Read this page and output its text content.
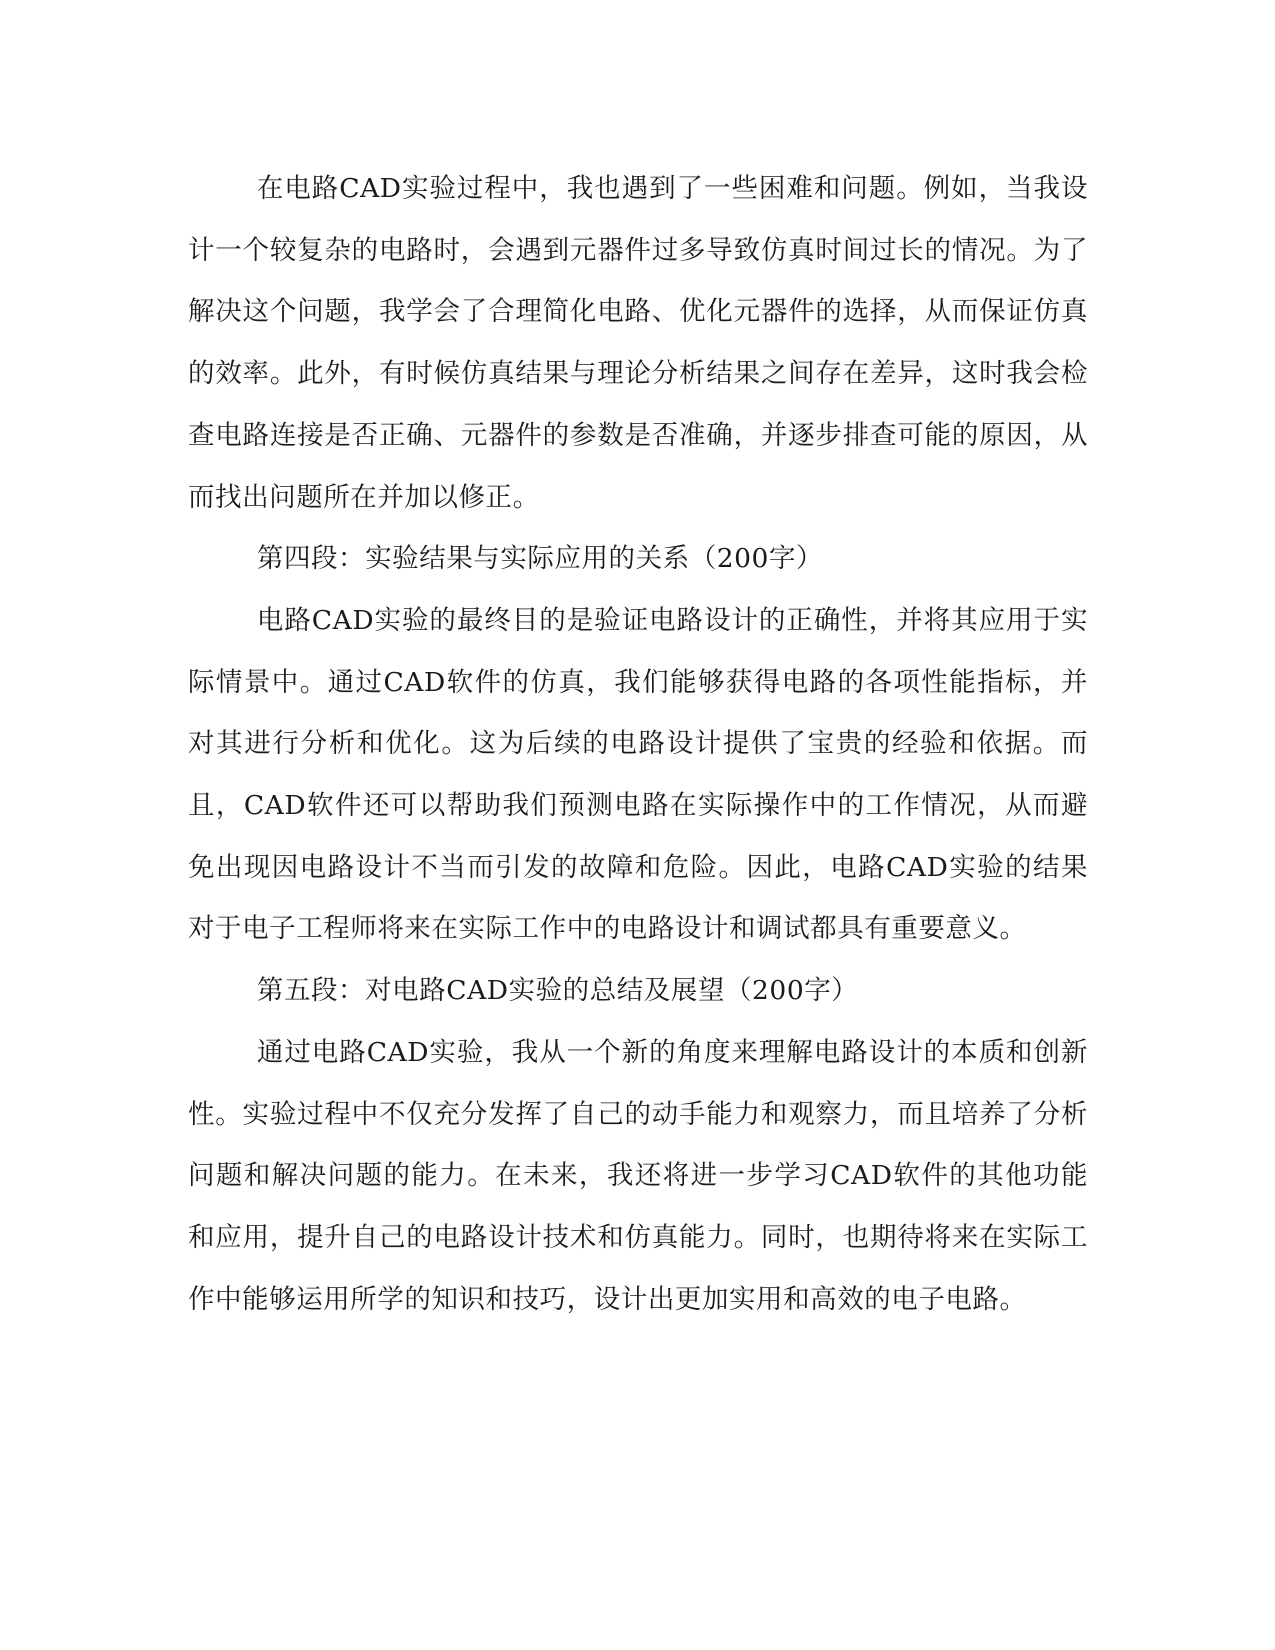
在电路CAD实验过程中，我也遇到了一些困难和问题。例如，当我设计一个较复杂的电路时，会遇到元器件过多导致仿真时间过长的情况。为了解决这个问题，我学会了合理简化电路、优化元器件的选择，从而保证仿真的效率。此外，有时候仿真结果与理论分析结果之间存在差异，这时我会检查电路连接是否正确、元器件的参数是否准确，并逐步排查可能的原因，从而找出问题所在并加以修正。

第四段：实验结果与实际应用的关系（200字）

电路CAD实验的最终目的是验证电路设计的正确性，并将其应用于实际情景中。通过CAD软件的仿真，我们能够获得电路的各项性能指标，并对其进行分析和优化。这为后续的电路设计提供了宝贵的经验和依据。而且，CAD软件还可以帮助我们预测电路在实际操作中的工作情况，从而避免出现因电路设计不当而引发的故障和危险。因此，电路CAD实验的结果对于电子工程师将来在实际工作中的电路设计和调试都具有重要意义。

第五段：对电路CAD实验的总结及展望（200字）

通过电路CAD实验，我从一个新的角度来理解电路设计的本质和创新性。实验过程中不仅充分发挥了自己的动手能力和观察力，而且培养了分析问题和解决问题的能力。在未来，我还将进一步学习CAD软件的其他功能和应用，提升自己的电路设计技术和仿真能力。同时，也期待将来在实际工作中能够运用所学的知识和技巧，设计出更加实用和高效的电子电路。
